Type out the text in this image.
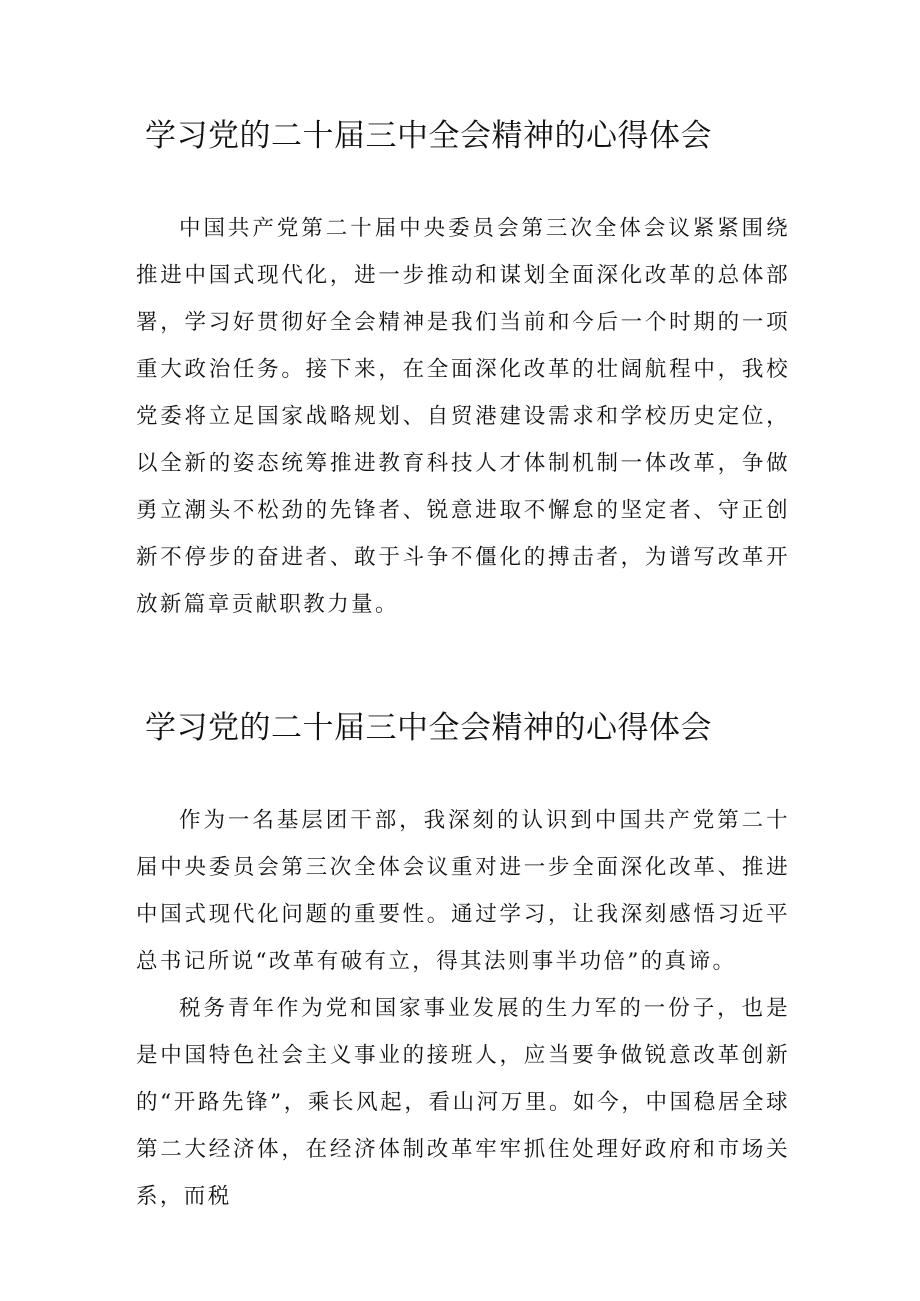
学习党的二十届三中全会精神的心得体会

中国共产党第二十届中央委员会第三次全体会议紧紧围绕推进中国式现代化，进一步推动和谋划全面深化改革的总体部署，学习好贯彻好全会精神是我们当前和今后一个时期的一项重大政治任务。接下来，在全面深化改革的壮阔航程中，我校党委将立足国家战略规划、自贸港建设需求和学校历史定位，以全新的姿态统筹推进教育科技人才体制机制一体改革，争做勇立潮头不松劲的先锋者、锐意进取不懈怠的坚定者、守正创新不停步的奋进者、敢于斗争不僵化的搏击者，为谱写改革开放新篇章贡献职教力量。

学习党的二十届三中全会精神的心得体会

作为一名基层团干部，我深刻的认识到中国共产党第二十届中央委员会第三次全体会议重对进一步全面深化改革、推进中国式现代化问题的重要性。通过学习，让我深刻感悟习近平总书记所说“改革有破有立，得其法则事半功倍”的真谛。

税务青年作为党和国家事业发展的生力军的一份子，也是是中国特色社会主义事业的接班人，应当要争做锐意改革创新的“开路先锋”，乘长风起，看山河万里。如今，中国稳居全球第二大经济体，在经济体制改革牢牢抓住处理好政府和市场关系，而税
